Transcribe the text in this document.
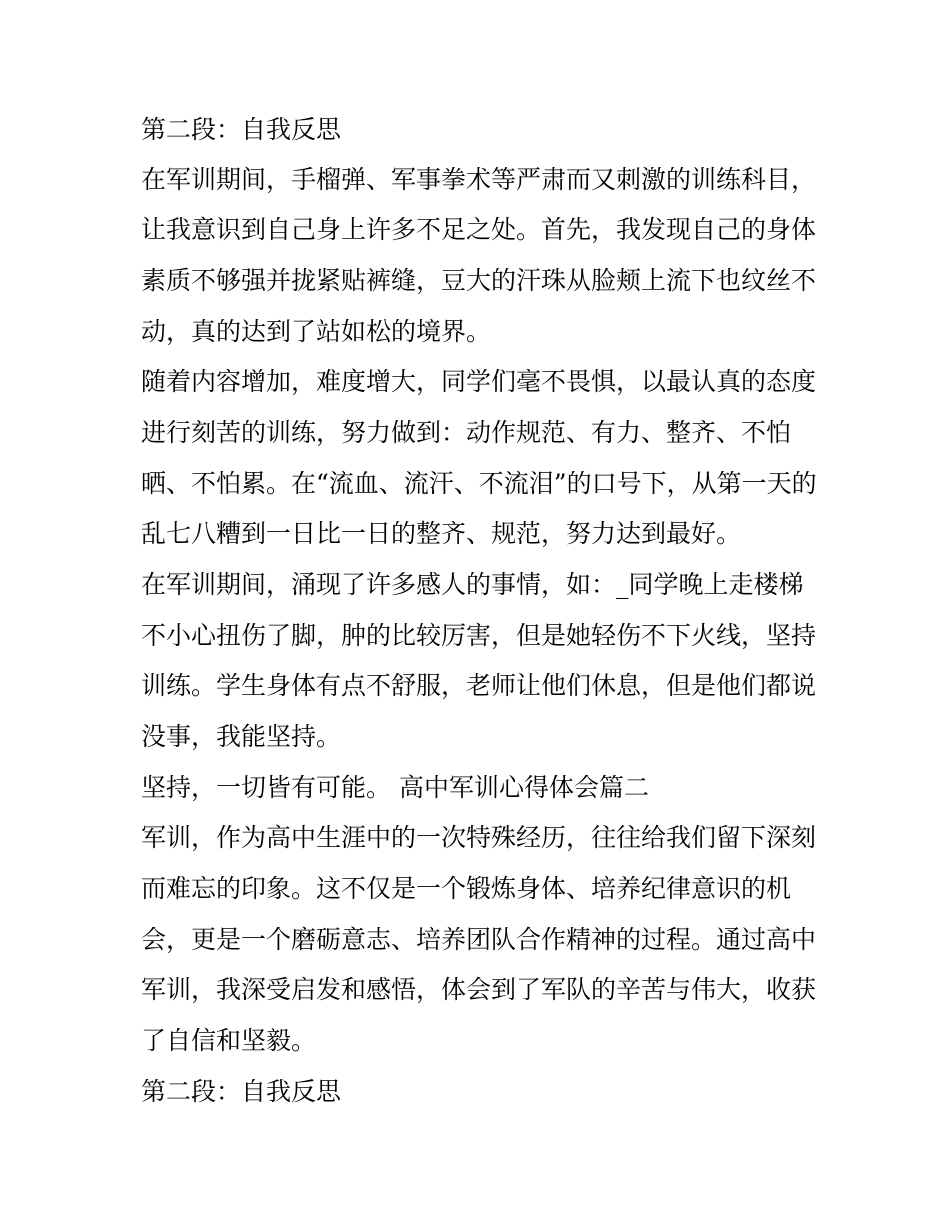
第二段：自我反思
在军训期间，手榴弹、军事拳术等严肃而又刺激的训练科目，
让我意识到自己身上许多不足之处。首先，我发现自己的身体
素质不够强并拢紧贴裤缝，豆大的汗珠从脸颊上流下也纹丝不
动，真的达到了站如松的境界。
随着内容增加，难度增大，同学们毫不畏惧，以最认真的态度
进行刻苦的训练，努力做到：动作规范、有力、整齐、不怕
晒、不怕累。在“流血、流汗、不流泪”的口号下，从第一天的
乱七八糟到一日比一日的整齐、规范，努力达到最好。
在军训期间，涌现了许多感人的事情，如：_同学晚上走楼梯
不小心扭伤了脚，肿的比较厉害，但是她轻伤不下火线，坚持
训练。学生身体有点不舒服，老师让他们休息，但是他们都说
没事，我能坚持。
坚持，一切皆有可能。 高中军训心得体会篇二
军训，作为高中生涯中的一次特殊经历，往往给我们留下深刻
而难忘的印象。这不仅是一个锻炼身体、培养纪律意识的机
会，更是一个磨砺意志、培养团队合作精神的过程。通过高中
军训，我深受启发和感悟，体会到了军队的辛苦与伟大，收获
了自信和坚毅。
第二段：自我反思
